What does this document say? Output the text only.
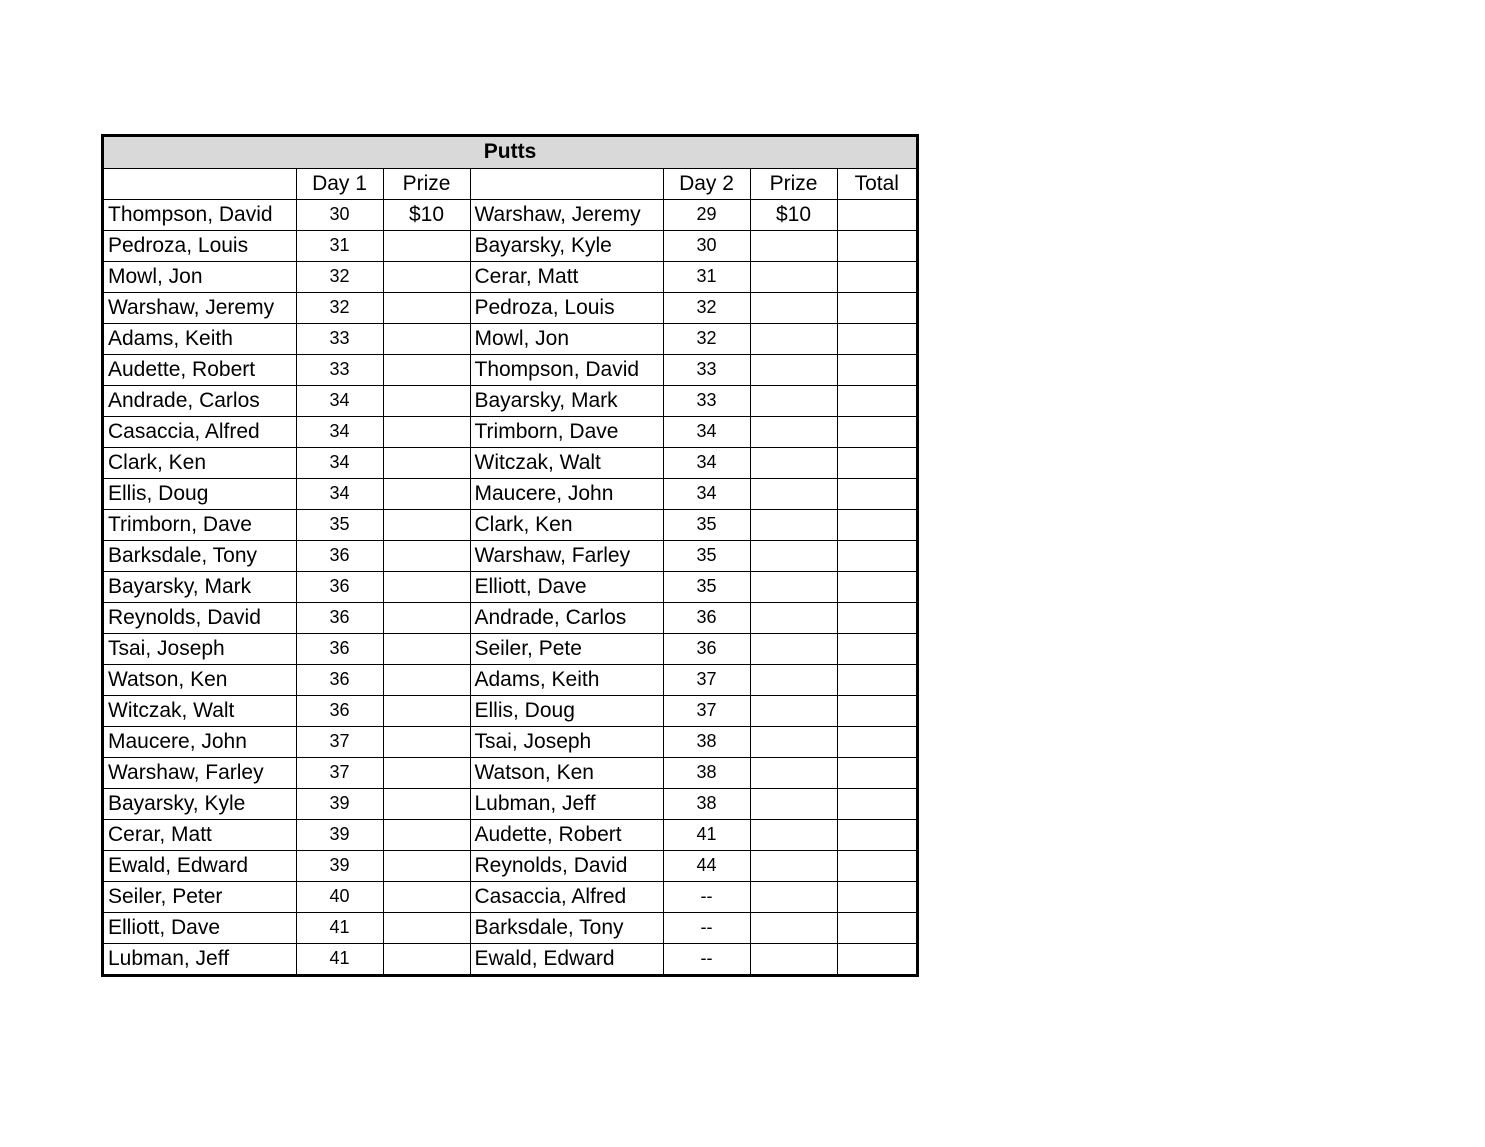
Putts						
	Day 1	Prize		Day 2	Prize	Total
Thompson, David	30	$10	Warshaw, Jeremy	29	$10	
Pedroza, Louis	31		Bayarsky, Kyle	30		
Mowl, Jon	32		Cerar, Matt	31		
Warshaw, Jeremy	32		Pedroza, Louis	32		
Adams, Keith	33		Mowl, Jon	32		
Audette, Robert	33		Thompson, David	33		
Andrade, Carlos	34		Bayarsky, Mark	33		
Casaccia, Alfred	34		Trimborn, Dave	34		
Clark, Ken	34		Witczak, Walt	34		
Ellis, Doug	34		Maucere, John	34		
Trimborn, Dave	35		Clark, Ken	35		
Barksdale, Tony	36		Warshaw, Farley	35		
Bayarsky, Mark	36		Elliott, Dave	35		
Reynolds, David	36		Andrade, Carlos	36		
Tsai, Joseph	36		Seiler, Pete	36		
Watson, Ken	36		Adams, Keith	37		
Witczak, Walt	36		Ellis, Doug	37		
Maucere, John	37		Tsai, Joseph	38		
Warshaw, Farley	37		Watson, Ken	38		
Bayarsky, Kyle	39		Lubman, Jeff	38		
Cerar, Matt	39		Audette, Robert	41		
Ewald, Edward	39		Reynolds, David	44		
Seiler, Peter	40		Casaccia, Alfred	--		
Elliott, Dave	41		Barksdale, Tony	--		
Lubman, Jeff	41		Ewald, Edward	--		
